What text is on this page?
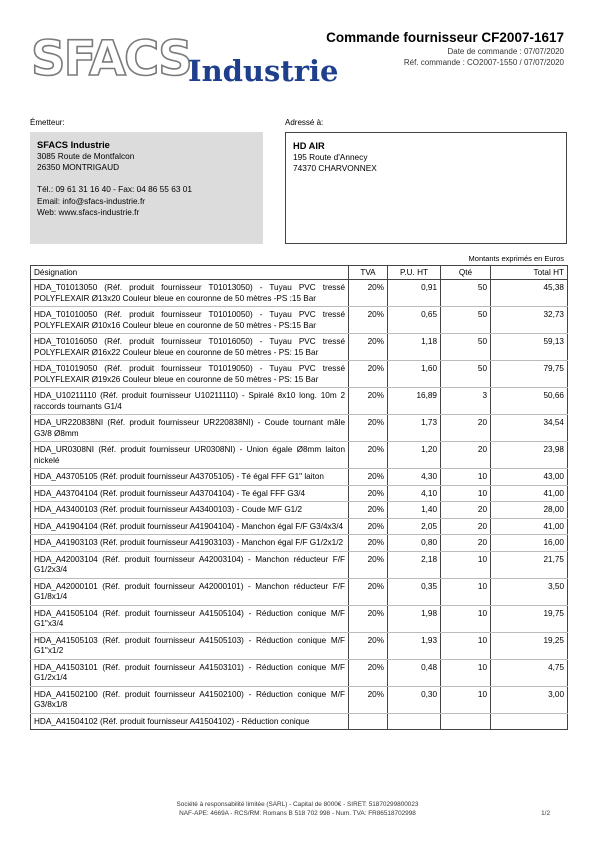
SFACS
Industrie
Commande fournisseur CF2007-1617
Date de commande : 07/07/2020
Réf. commande : CO2007-1550 / 07/07/2020
Émetteur:	Adressé à:
SFACS Industrie
3085 Route de Montfalcon
26350 MONTRIGAUD
Tél.: 09 61 31 16 40 - Fax: 04 86 55 63 01
Email: info@sfacs-industrie.fr
Web: www.sfacs-industrie.fr
HD AIR
195 Route d'Annecy
74370 CHARVONNEX
Montants exprimés en Euros
Désignation	TVA	P.U. HT	Qté	Total HT
HDA_T01013050 (Réf. produit fournisseur T01013050) - Tuyau PVC tressé POLYFLEXAIR Ø13x20 Couleur bleue en couronne de 50 mètres -PS :15 Bar	20%	0,91	50	45,38
HDA_T01010050 (Réf. produit fournisseur T01010050) - Tuyau PVC tressé POLYFLEXAIR Ø10x16 Couleur bleue en couronne de 50 mètres - PS:15 Bar	20%	0,65	50	32,73
HDA_T01016050 (Réf. produit fournisseur T01016050) - Tuyau PVC tressé POLYFLEXAIR Ø16x22 Couleur bleue en couronne de 50 mètres - PS: 15 Bar	20%	1,18	50	59,13
HDA_T01019050 (Réf. produit fournisseur T01019050) - Tuyau PVC tressé POLYFLEXAIR Ø19x26 Couleur bleue en couronne de 50 mètres - PS: 15 Bar	20%	1,60	50	79,75
HDA_U10211110 (Réf. produit fournisseur U10211110) - Spiralé 8x10 long. 10m 2 raccords tournants G1/4	20%	16,89	3	50,66
HDA_UR220838NI (Réf. produit fournisseur UR220838NI) - Coude tournant mâle G3/8 Ø8mm	20%	1,73	20	34,54
HDA_UR0308NI (Réf. produit fournisseur UR0308NI) - Union égale Ø8mm laiton nickelé	20%	1,20	20	23,98
HDA_A43705105 (Réf. produit fournisseur A43705105) - Té égal FFF G1" laiton	20%	4,30	10	43,00
HDA_A43704104 (Réf. produit fournisseur A43704104) - Te égal FFF G3/4	20%	4,10	10	41,00
HDA_A43400103 (Réf. produit fournisseur A43400103) - Coude M/F G1/2	20%	1,40	20	28,00
HDA_A41904104 (Réf. produit fournisseur A41904104) - Manchon égal F/F G3/4x3/4	20%	2,05	20	41,00
HDA_A41903103 (Réf. produit fournisseur A41903103) - Manchon égal F/F G1/2x1/2	20%	0,80	20	16,00
HDA_A42003104 (Réf. produit fournisseur A42003104) - Manchon réducteur F/F G1/2x3/4	20%	2,18	10	21,75
HDA_A42000101 (Réf. produit fournisseur A42000101) - Manchon réducteur F/F G1/8x1/4	20%	0,35	10	3,50
HDA_A41505104 (Réf. produit fournisseur A41505104) - Réduction conique M/F G1"x3/4	20%	1,98	10	19,75
HDA_A41505103 (Réf. produit fournisseur A41505103) - Réduction conique M/F G1"x1/2	20%	1,93	10	19,25
HDA_A41503101 (Réf. produit fournisseur A41503101) - Réduction conique M/F G1/2x1/4	20%	0,48	10	4,75
HDA_A41502100 (Réf. produit fournisseur A41502100) - Réduction conique M/F G3/8x1/8	20%	0,30	10	3,00
HDA_A41504102 (Réf. produit fournisseur A41504102) - Réduction conique				
Société à responsabilité limitée (SARL) - Capital de 8000€ - SIRET: 51870299800023
NAF-APE: 4669A - RCS/RM: Romans B 518 702 998 - Num. TVA: FR86518702998	1/2
